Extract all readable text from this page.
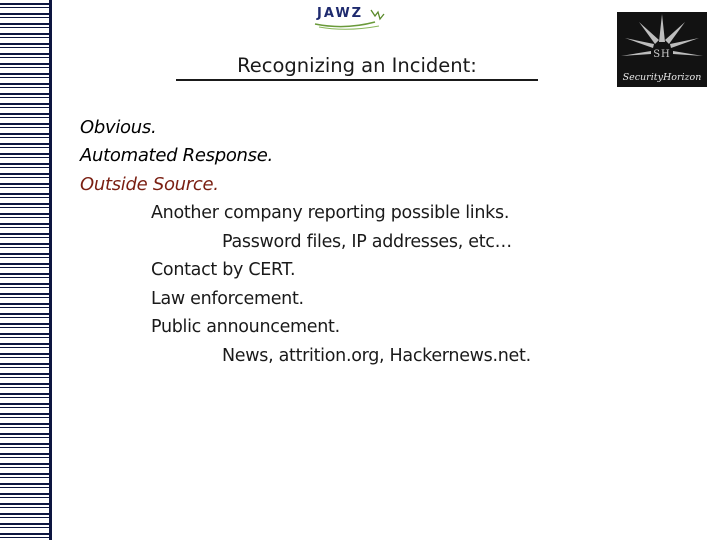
JAWZ
SH
SecurityHorizon
Recognizing an Incident:
Obvious.
Automated Response.
Outside Source.
Another company reporting possible links.
Password files, IP addresses, etc…
Contact by CERT.
Law enforcement.
Public announcement.
News, attrition.org, Hackernews.net.
